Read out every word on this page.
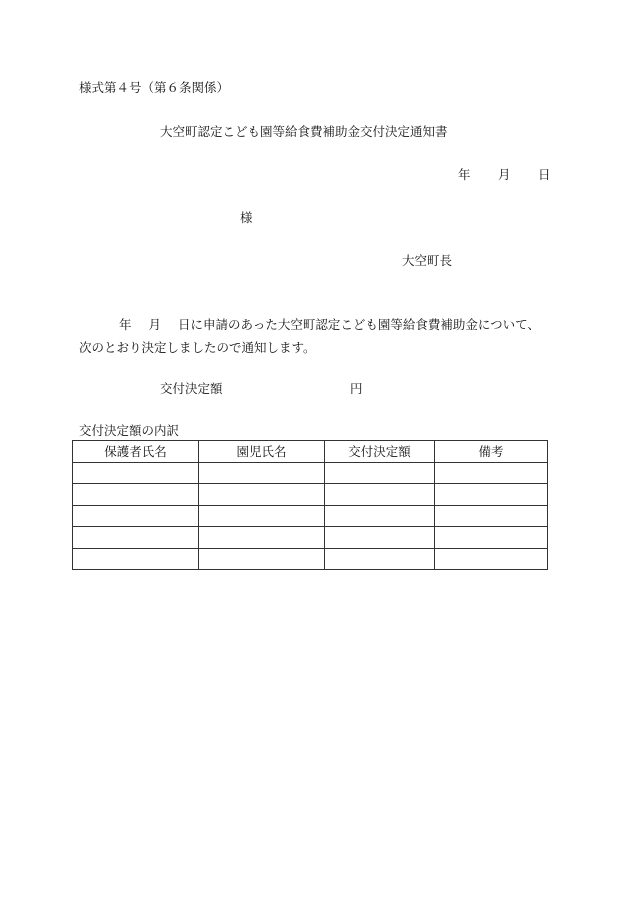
様式第４号（第６条関係）
大空町認定こども園等給食費補助金交付決定通知書
年 月 日
様
大空町長
年 月 日に申請のあった大空町認定こども園等給食費補助金について、
次のとおり決定しましたので通知します。
交付決定額	円
交付決定額の内訳
保護者氏名	園児氏名	交付決定額	備考
